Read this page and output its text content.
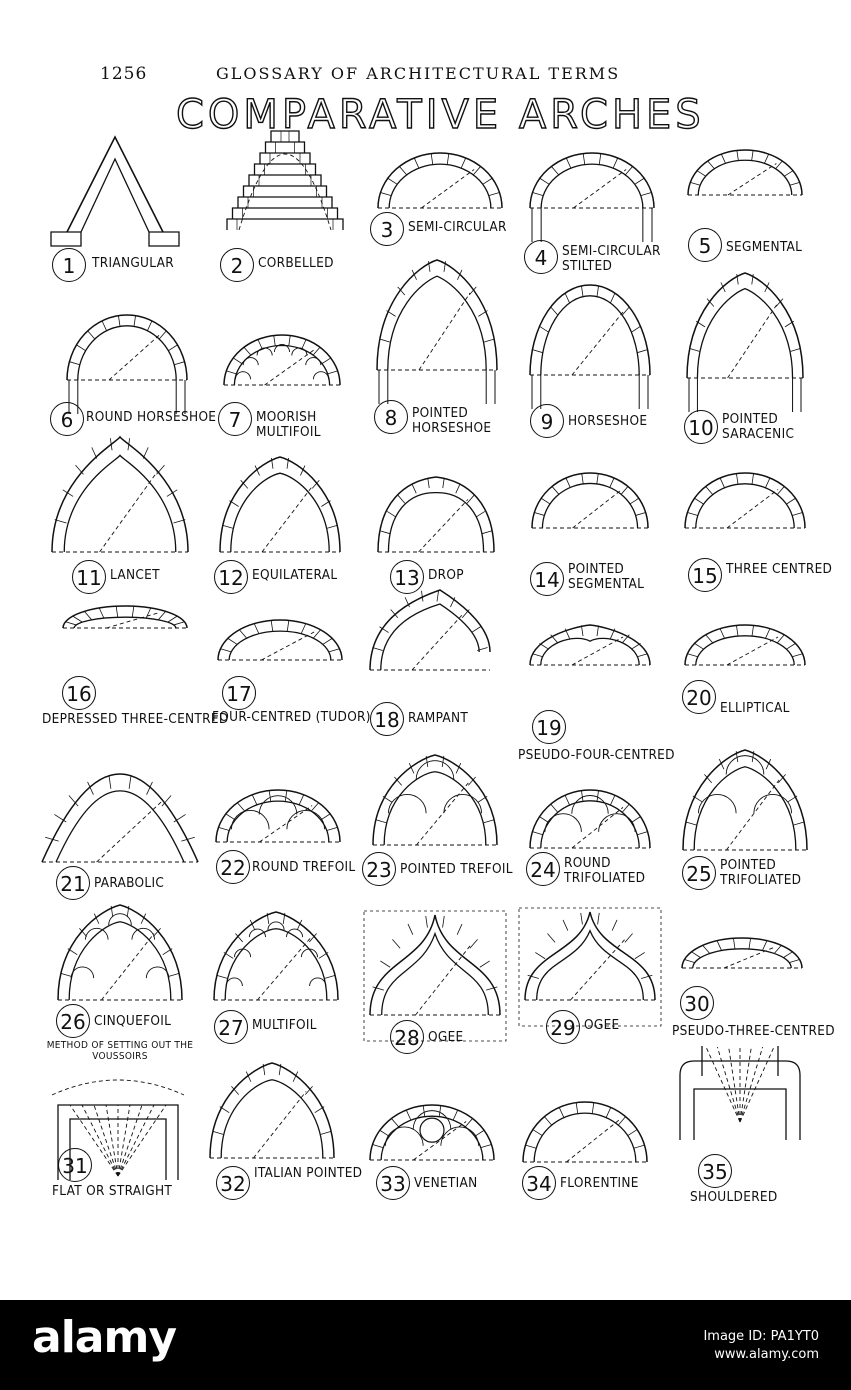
1256	GLOSSARY OF ARCHITECTURAL TERMS
COMPARATIVE ARCHES
1	TRIANGULAR	2	CORBELLED
3	SEMI-CIRCULAR
4	SEMI-CIRCULAR STILTED
5	SEGMENTAL
6 ROUND HORSESHOE 7	MOORISH MULTIFOIL
8	POINTED HORSESHOE	9	HORSESHOE 10 POINTED SARACENIC
11 LANCET	12 EQUILATERAL	13 DROP	14 POINTED SEGMENTAL	15 THREE CENTRED
16
DEPRESSED THREE-CENTRED
17
FOUR-CENTRED (TUDOR) 18 RAMPANT	19
PSEUDO-FOUR-CENTRED
20 ELLIPTICAL
21 PARABOLIC
22 ROUND TREFOIL 23 POINTED TREFOIL 24 ROUND TRIFOLIATED	25 POINTED TRIFOLIATED
26 CINQUEFOIL 27 MULTIFOIL
28 OGEE	29 OGEE
30
PSEUDO-THREE-CENTRED
31
FLAT OR STRAIGHT
METHOD OF SETTING OUT THE VOUSSOIRS
32 ITALIAN POINTED 33 VENETIAN 34 FLORENTINE	35
SHOULDERED
alamy	Image ID: PA1YT0
www.alamy.com
